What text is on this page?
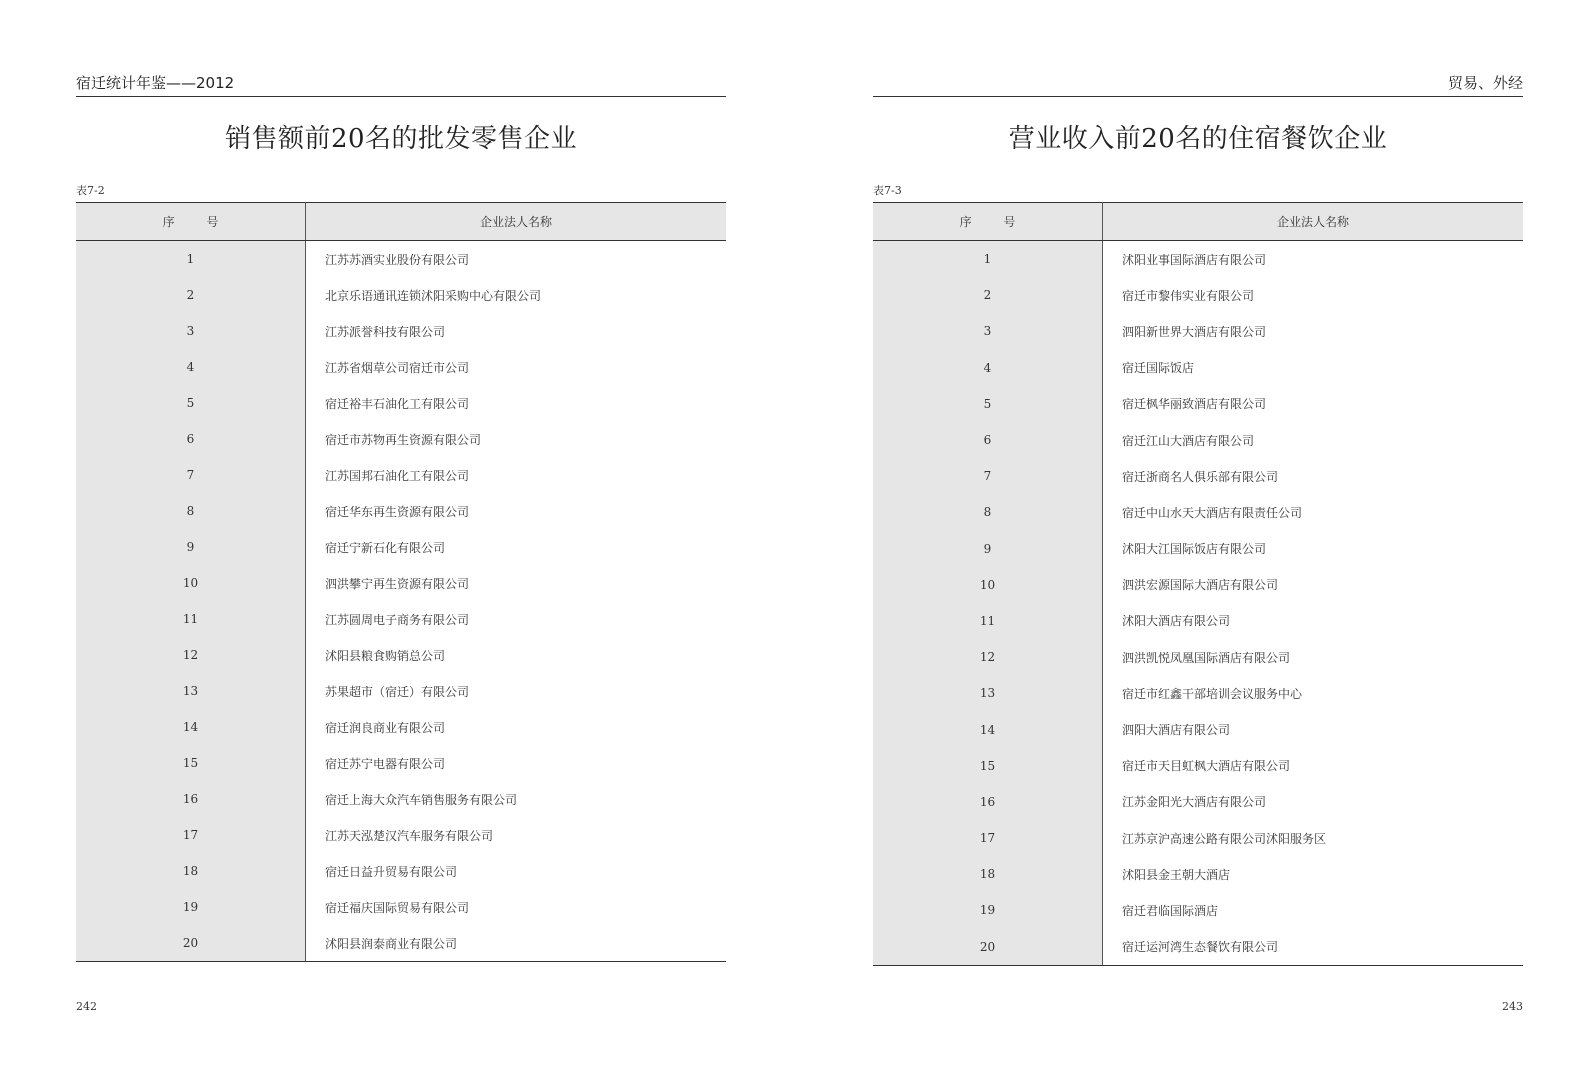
宿迁统计年鉴——2012
销售额前20名的批发零售企业
表7-2
序 号	企业法人名称
1	江苏苏酒实业股份有限公司
2	北京乐语通讯连锁沭阳采购中心有限公司
3	江苏派誉科技有限公司
4	江苏省烟草公司宿迁市公司
5	宿迁裕丰石油化工有限公司
6	宿迁市苏物再生资源有限公司
7	江苏国邦石油化工有限公司
8	宿迁华东再生资源有限公司
9	宿迁宁新石化有限公司
10	泗洪攀宁再生资源有限公司
11	江苏圆周电子商务有限公司
12	沭阳县粮食购销总公司
13	苏果超市（宿迁）有限公司
14	宿迁润良商业有限公司
15	宿迁苏宁电器有限公司
16	宿迁上海大众汽车销售服务有限公司
17	江苏天泓楚汉汽车服务有限公司
18	宿迁日益升贸易有限公司
19	宿迁福庆国际贸易有限公司
20	沭阳县润泰商业有限公司
242
贸易、外经
营业收入前20名的住宿餐饮企业
表7-3
序 号	企业法人名称
1	沭阳业事国际酒店有限公司
2	宿迁市黎伟实业有限公司
3	泗阳新世界大酒店有限公司
4	宿迁国际饭店
5	宿迁枫华丽致酒店有限公司
6	宿迁江山大酒店有限公司
7	宿迁浙商名人俱乐部有限公司
8	宿迁中山水天大酒店有限责任公司
9	沭阳大江国际饭店有限公司
10	泗洪宏源国际大酒店有限公司
11	沭阳大酒店有限公司
12	泗洪凯悦凤凰国际酒店有限公司
13	宿迁市红鑫干部培训会议服务中心
14	泗阳大酒店有限公司
15	宿迁市天目虹枫大酒店有限公司
16	江苏金阳光大酒店有限公司
17	江苏京沪高速公路有限公司沭阳服务区
18	沭阳县金王朝大酒店
19	宿迁君临国际酒店
20	宿迁运河湾生态餐饮有限公司
243
